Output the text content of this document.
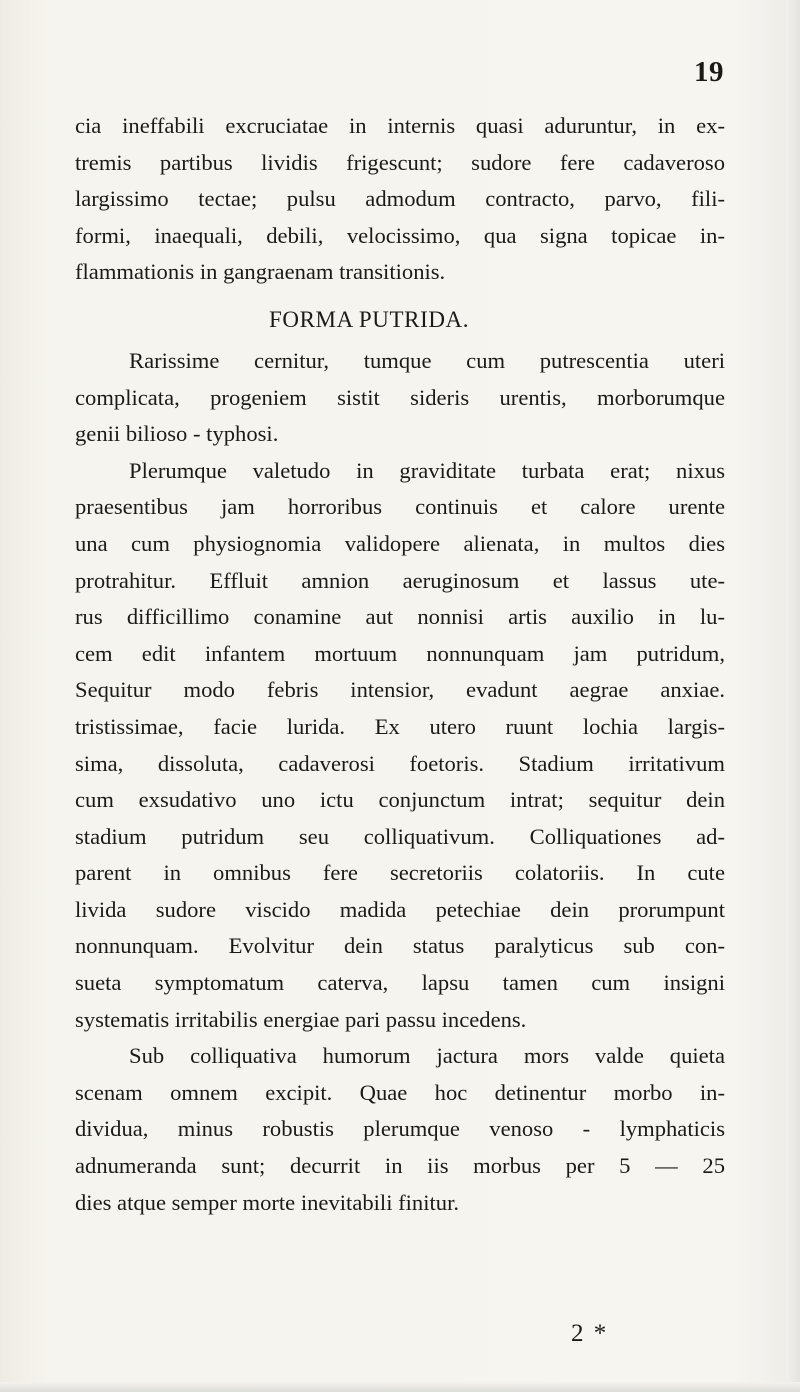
19
cia ineffabili excruciatae in internis quasi aduruntur, in ex-
tremis partibus lividis frigescunt; sudore fere cadaveroso
largissimo tectae; pulsu admodum contracto, parvo, fili-
formi, inaequali, debili, velocissimo, qua signa topicae in-
flammationis in gangraenam transitionis.
FORMA PUTRIDA.
Rarissime cernitur, tumque cum putrescentia uteri
complicata, progeniem sistit sideris urentis, morborumque
genii bilioso - typhosi.
Plerumque valetudo in graviditate turbata erat; nixus
praesentibus jam horroribus continuis et calore urente
una cum physiognomia validopere alienata, in multos dies
protrahitur. Effluit amnion aeruginosum et lassus ute-
rus difficillimo conamine aut nonnisi artis auxilio in lu-
cem edit infantem mortuum nonnunquam jam putridum,
Sequitur modo febris intensior, evadunt aegrae anxiae.
tristissimae, facie lurida. Ex utero ruunt lochia largis-
sima, dissoluta, cadaverosi foetoris. Stadium irritativum
cum exsudativo uno ictu conjunctum intrat; sequitur dein
stadium putridum seu colliquativum. Colliquationes ad-
parent in omnibus fere secretoriis colatoriis. In cute
livida sudore viscido madida petechiae dein prorumpunt
nonnunquam. Evolvitur dein status paralyticus sub con-
sueta symptomatum caterva, lapsu tamen cum insigni
systematis irritabilis energiae pari passu incedens.
Sub colliquativa humorum jactura mors valde quieta
scenam omnem excipit. Quae hoc detinentur morbo in-
dividua, minus robustis plerumque venoso - lymphaticis
adnumeranda sunt; decurrit in iis morbus per 5 — 25
dies atque semper morte inevitabili finitur.
2 *
